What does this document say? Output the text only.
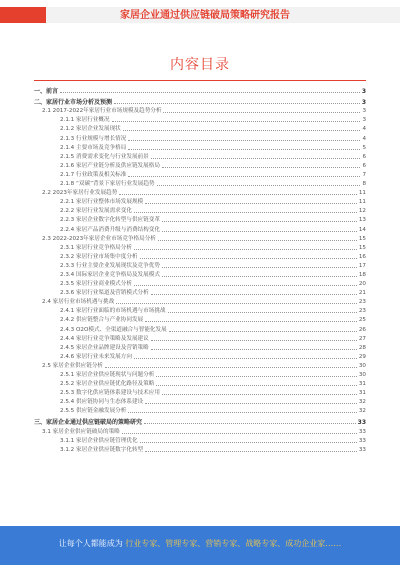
家居企业通过供应链破局策略研究报告
内容目录
一、前言	3
二、家居行业市场分析及预测	3
2.1 2017-2022年家居行业市场规模及趋势分析	3
2.1.1 家居行业概况	3
2.1.2 家居企业发展现状	4
2.1.3 行业规模与增长情况	4
2.1.4 主要市场及竞争格局	5
2.1.5 消费需求变化与行业发展前景	6
2.1.6 家居产业链分析及供应链发展格局	6
2.1.7 行业政策及相关标准	7
2.1.8 “双碳”背景下家居行业发展趋势	8
2.2 2023年家居行业发展趋势	11
2.2.1 家居行业整体市场发展规模	11
2.2.2 家居行业发展需求变化	12
2.2.3 家居企业数字化转型与供应链变革	13
2.2.4 家居产品消费升级与消费结构变化	14
2.3 2022-2023年家居企业市场竞争格局分析	15
2.3.1 家居行业竞争格局分析	15
2.3.2 家居行业市场集中度分析	16
2.3.3 行业主要企业发展现状及竞争优势	17
2.3.4 国际家居企业竞争格局及发展模式	18
2.3.5 家居行业商业模式分析	20
2.3.6 家居行业渠道及营销模式分析	21
2.4 家居行业市场机遇与挑战	23
2.4.1 家居行业面临的市场机遇与市场挑战	23
2.4.2 供应链整合与产业协同发展	25
2.4.3 O2O模式、全渠道融合与智能化发展	26
2.4.4 家居行业竞争策略及发展建议	27
2.4.5 家居企业品牌建设及营销策略	28
2.4.6 家居行业未来发展方向	29
2.5 家居企业供应链分析	30
2.5.1 家居企业供应链现状与问题分析	30
2.5.2 家居企业供应链优化路径及策略	31
2.5.3 数字化供应链体系建设与技术应用	31
2.5.4 供应链协同与生态体系建设	32
2.5.5 供应链金融发展分析	32
三、家居企业通过供应链破局的策略研究	33
3.1 家居企业供应链破局的策略	33
3.1.1 家居企业供应链管理优化	33
3.1.2 家居企业供应链数字化转型	33
让每个人都能成为 行业专家、管理专家、营销专家、战略专家、成功企业家……
